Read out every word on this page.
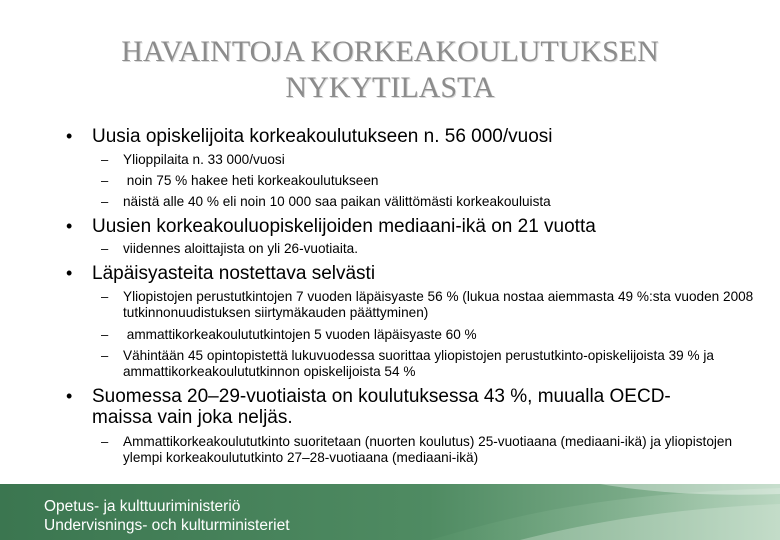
HAVAINTOJA KORKEAKOULUTUKSEN
NYKYTILASTA
• Uusia opiskelijoita korkeakoulutukseen n. 56 000/vuosi
– Ylioppilaita n. 33 000/vuosi
– noin 75 % hakee heti korkeakoulutukseen
– näistä alle 40 % eli noin 10 000 saa paikan välittömästi korkeakouluista
• Uusien korkeakouluopiskelijoiden mediaani-ikä on 21 vuotta
– viidennes aloittajista on yli 26-vuotiaita.
• Läpäisyasteita nostettava selvästi
– Yliopistojen perustutkintojen 7 vuoden läpäisyaste 56 % (lukua nostaa aiemmasta 49 %:sta vuoden 2008 tutkinnonuudistuksen siirtymäkauden päättyminen)
– ammattikorkeakoulututkintojen 5 vuoden läpäisyaste 60 %
– Vähintään 45 opintopistettä lukuvuodessa suorittaa yliopistojen perustutkinto-opiskelijoista 39 % ja ammattikorkeakoulututkinnon opiskelijoista 54 %
• Suomessa 20–29-vuotiaista on koulutuksessa 43 %, muualla OECD-maissa vain joka neljäs.
– Ammattikorkeakoulututkinto suoritetaan (nuorten koulutus) 25-vuotiaana (mediaani-ikä) ja yliopistojen ylempi korkeakoulututkinto 27–28-vuotiaana (mediaani-ikä)
Opetus- ja kulttuuriministeriö
Undervisnings- och kulturministeriet
